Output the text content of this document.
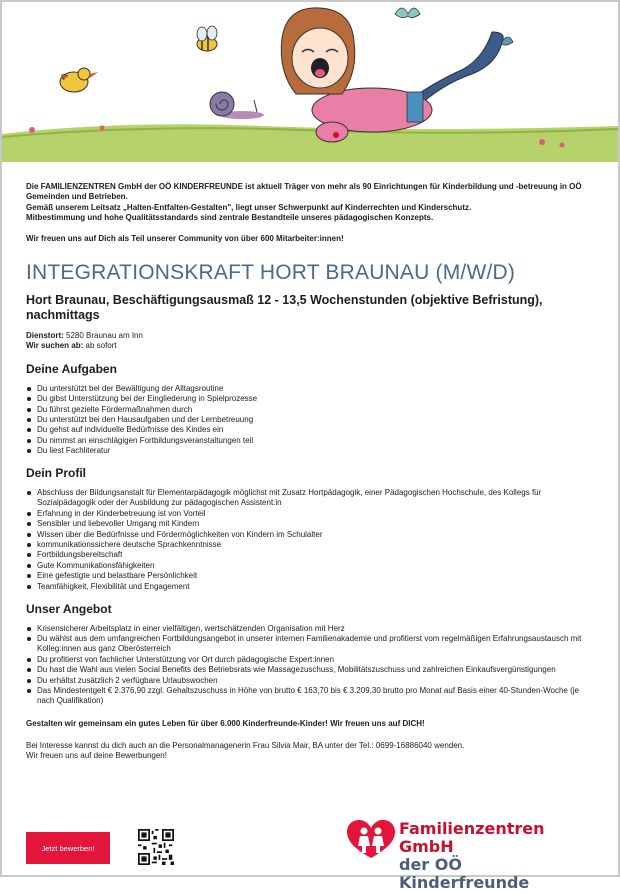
Die FAMILIENZENTREN GmbH der OÖ KINDERFREUNDE ist aktuell Träger von mehr als 90 Einrichtungen für Kinderbildung und -betreuung in OÖ Gemeinden und Betrieben.

Gemäß unserem Leitsatz „Halten-Entfalten-Gestalten", liegt unser Schwerpunkt auf Kinderrechten und Kinderschutz.

Mitbestimmung und hohe Qualitätsstandards sind zentrale Bestandteile unseres pädagogischen Konzepts.

Wir freuen uns auf Dich als Teil unserer Community von über 600 Mitarbeiter:innen!

INTEGRATIONSKRAFT HORT BRAUNAU (M/W/D)
Hort Braunau, Beschäftigungsausmaß 12 - 13,5 Wochenstunden (objektive Befristung), nachmittags
Dienstort: 5280 Braunau am Inn
Wir suchen ab: ab sofort
Deine Aufgaben
Du unterstützt bei der Bewältigung der Alltagsroutine
Du gibst Unterstützung bei der Eingliederung in Spielprozesse
Du führst gezielte Fördermaßnahmen durch
Du unterstützt bei den Hausaufgaben und der Lernbetreuung
Du gehst auf individuelle Bedürfnisse des Kindes ein
Du nimmst an einschlägigen Fortbildungsveranstaltungen teil
Du liest Fachliteratur
Dein Profil
Abschluss der Bildungsanstalt für Elementarpädagogik möglichst mit Zusatz Hortpädagogik, einer Pädagogischen Hochschule, des Kollegs für Sozialpädagogik oder der Ausbildung zur pädagogischen Assistent:in
Erfahrung in der Kinderbetreuung ist von Vorteil
Sensibler und liebevoller Umgang mit Kindern
Wissen über die Bedürfnisse und Fördermöglichkeiten von Kindern im Schulalter
kommunikationssichere deutsche Sprachkenntnisse
Fortbildungsbereitschaft
Gute Kommunikationsfähigkeiten
Eine gefestigte und belastbare Persönlichkeit
Teamfähigkeit, Flexibilität und Engagement
Unser Angebot
Krisensicherer Arbeitsplatz in einer vielfältigen, wertschätzenden Organisation mit Herz
Du wählst aus dem umfangreichen Fortbildungsangebot in unserer internen Familienakademie und profitierst vom regelmäßigen Erfahrungsaustausch mit Kolleg:innen aus ganz Oberösterreich
Du profitierst von fachlicher Unterstützung vor Ort durch pädagogische Expert:innen
Du hast die Wahl aus vielen Social Benefits des Betriebsrats wie Massagezuschuss, Mobilitätszuschuss und zahlreichen Einkaufsvergünstigungen
Du erhältst zusätzlich 2 verfügbare Urlaubswochen
Das Mindestentgelt € 2.376,90 zzgl. Gehaltszuschuss in Höhe von brutto € 163,70 bis € 3.209,30 brutto pro Monat auf Basis einer 40-Stunden-Woche (je nach Qualifikation)

Gestalten wir gemeinsam ein gutes Leben für über 6.000 Kinderfreunde-Kinder! Wir freuen uns auf DICH!

Bei Interesse kannst du dich auch an die Personalmanagenerin Frau Silvia Mair, BA unter der Tel.: 0699-16886040 wenden.

Wir freuen uns auf deine Bewerbungen!

Jetzt bewerben!
Familienzentren GmbH
der OÖ Kinderfreunde
